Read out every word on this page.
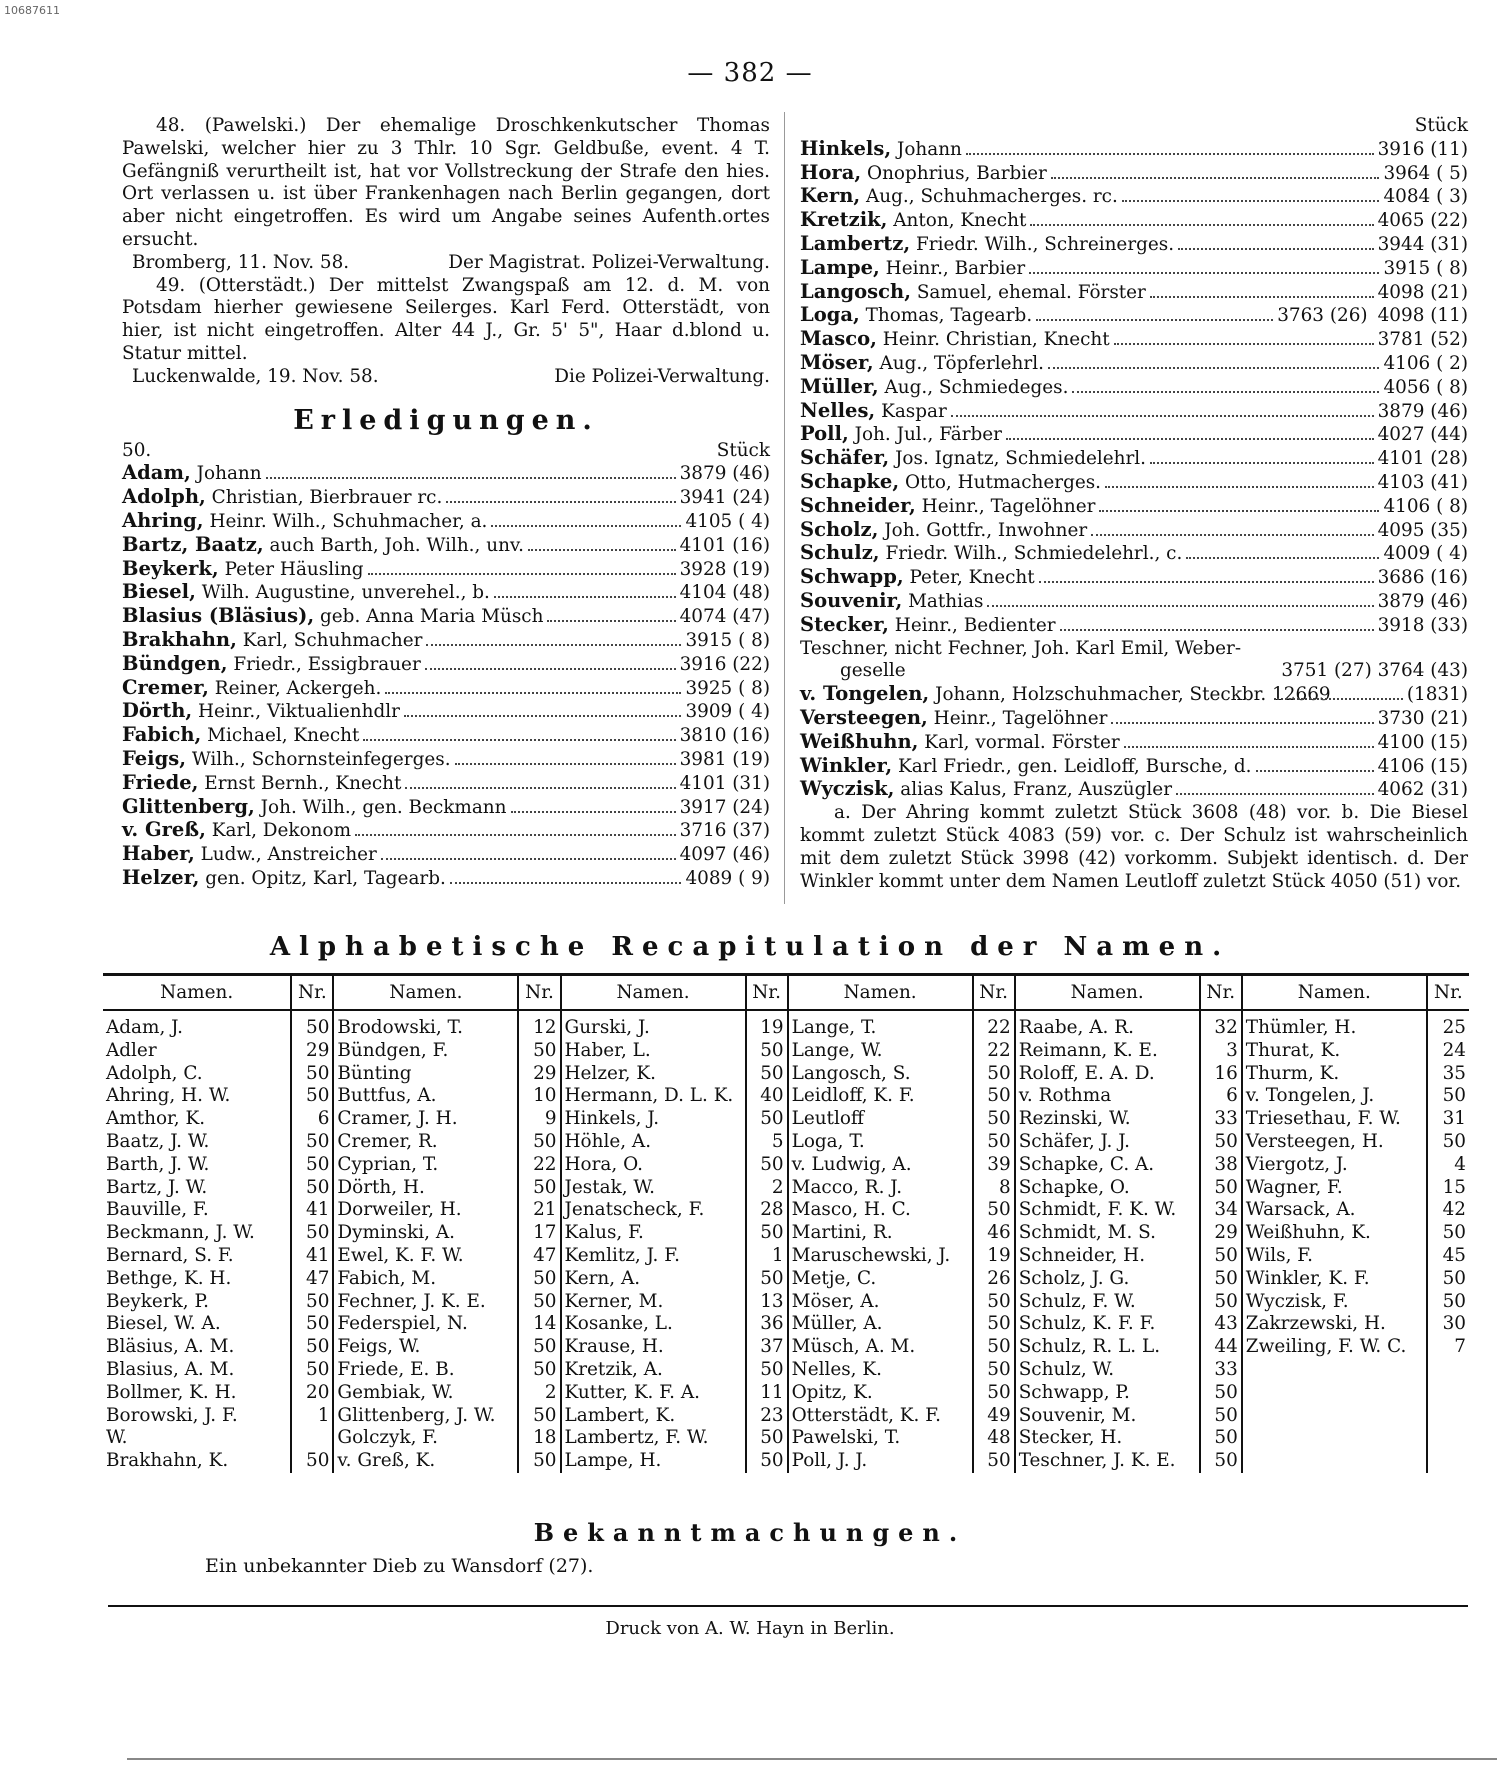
10687611
— 382 —

48. (Pawelski.) Der ehemalige Droschkenkutscher Thomas Pawelski, welcher hier zu 3 Thlr. 10 Sgr. Geldbuße, event. 4 T. Gefängniß verurtheilt ist, hat vor Vollstreckung der Strafe den hies. Ort verlassen u. ist über Frankenhagen nach Berlin gegangen, dort aber nicht eingetroffen. Es wird um Angabe seines Aufenth.ortes ersucht.

Bromberg, 11. Nov. 58.	Der Magistrat. Polizei-Verwaltung.

49. (Otterstädt.) Der mittelst Zwangspaß am 12. d. M. von Potsdam hierher gewiesene Seilerges. Karl Ferd. Otterstädt, von hier, ist nicht eingetroffen. Alter 44 J., Gr. 5' 5", Haar d.blond u. Statur mittel.

Luckenwalde, 19. Nov. 58.	Die Polizei-Verwaltung.
Erledigungen.
50.	Stück
Adam, Johann	3879 (46)
Adolph, Christian, Bierbrauer rc.	3941 (24)
Ahring, Heinr. Wilh., Schuhmacher, a.	4105 ( 4)
Bartz, Baatz, auch Barth, Joh. Wilh., unv.	4101 (16)
Beykerk, Peter Häusling	3928 (19)
Biesel, Wilh. Augustine, unverehel., b.	4104 (48)
Blasius (Bläsius), geb. Anna Maria Müsch	4074 (47)
Brakhahn, Karl, Schuhmacher	3915 ( 8)
Bündgen, Friedr., Essigbrauer	3916 (22)
Cremer, Reiner, Ackergeh.	3925 ( 8)
Dörth, Heinr., Viktualienhdlr	3909 ( 4)
Fabich, Michael, Knecht	3810 (16)
Feigs, Wilh., Schornsteinfegerges.	3981 (19)
Friede, Ernst Bernh., Knecht	4101 (31)
Glittenberg, Joh. Wilh., gen. Beckmann	3917 (24)
v. Greß, Karl, Dekonom	3716 (37)
Haber, Ludw., Anstreicher	4097 (46)
Helzer, gen. Opitz, Karl, Tagearb.	4089 ( 9)
Stück
Hinkels, Johann	3916 (11)
Hora, Onophrius, Barbier	3964 ( 5)
Kern, Aug., Schuhmacherges. rc.	4084 ( 3)
Kretzik, Anton, Knecht	4065 (22)
Lambertz, Friedr. Wilh., Schreinerges.	3944 (31)
Lampe, Heinr., Barbier	3915 ( 8)
Langosch, Samuel, ehemal. Förster	4098 (21)
Loga, Thomas, Tagearb.	3763 (26) 4098 (11)
Masco, Heinr. Christian, Knecht	3781 (52)
Möser, Aug., Töpferlehrl.	4106 ( 2)
Müller, Aug., Schmiedeges.	4056 ( 8)
Nelles, Kaspar	3879 (46)
Poll, Joh. Jul., Färber	4027 (44)
Schäfer, Jos. Ignatz, Schmiedelehrl.	4101 (28)
Schapke, Otto, Hutmacherges.	4103 (41)
Schneider, Heinr., Tagelöhner	4106 ( 8)
Scholz, Joh. Gottfr., Inwohner	4095 (35)
Schulz, Friedr. Wilh., Schmiedelehrl., c.	4009 ( 4)
Schwapp, Peter, Knecht	3686 (16)
Souvenir, Mathias	3879 (46)
Stecker, Heinr., Bedienter	3918 (33)
Teschner, nicht Fechner, Joh. Karl Emil, Weber-
geselle	3751 (27) 3764 (43)
v. Tongelen, Johann, Holzschuhmacher, Steckbr. 12669	(1831)
Versteegen, Heinr., Tagelöhner	3730 (21)
Weißhuhn, Karl, vormal. Förster	4100 (15)
Winkler, Karl Friedr., gen. Leidloff, Bursche, d.	4106 (15)
Wyczisk, alias Kalus, Franz, Auszügler	4062 (31)

a. Der Ahring kommt zuletzt Stück 3608 (48) vor. b. Die Biesel kommt zuletzt Stück 4083 (59) vor. c. Der Schulz ist wahrscheinlich mit dem zuletzt Stück 3998 (42) vorkomm. Subjekt identisch. d. Der Winkler kommt unter dem Namen Leutloff zuletzt Stück 4050 (51) vor.

Alphabetische Recapitulation der Namen.
Namen.	Nr.	Namen.	Nr.	Namen.	Nr.	Namen.	Nr.	Namen.	Nr.	Namen.	Nr.
Adam, J.	50	Brodowski, T.	12	Gurski, J.	19	Lange, T.	22	Raabe, A. R.	32	Thümler, H.	25
Adler	29	Bündgen, F.	50	Haber, L.	50	Lange, W.	22	Reimann, K. E.	3	Thurat, K.	24
Adolph, C.	50	Bünting	29	Helzer, K.	50	Langosch, S.	50	Roloff, E. A. D.	16	Thurm, K.	35
Ahring, H. W.	50	Buttfus, A.	10	Hermann, D. L. K.	40	Leidloff, K. F.	50	v. Rothma	6	v. Tongelen, J.	50
Amthor, K.	6	Cramer, J. H.	9	Hinkels, J.	50	Leutloff	50	Rezinski, W.	33	Triesethau, F. W.	31
Baatz, J. W.	50	Cremer, R.	50	Höhle, A.	5	Loga, T.	50	Schäfer, J. J.	50	Versteegen, H.	50
Barth, J. W.	50	Cyprian, T.	22	Hora, O.	50	v. Ludwig, A.	39	Schapke, C. A.	38	Viergotz, J.	4
Bartz, J. W.	50	Dörth, H.	50	Jestak, W.	2	Macco, R. J.	8	Schapke, O.	50	Wagner, F.	15
Bauville, F.	41	Dorweiler, H.	21	Jenatscheck, F.	28	Masco, H. C.	50	Schmidt, F. K. W.	34	Warsack, A.	42
Beckmann, J. W.	50	Dyminski, A.	17	Kalus, F.	50	Martini, R.	46	Schmidt, M. S.	29	Weißhuhn, K.	50
Bernard, S. F.	41	Ewel, K. F. W.	47	Kemlitz, J. F.	1	Maruschewski, J.	19	Schneider, H.	50	Wils, F.	45
Bethge, K. H.	47	Fabich, M.	50	Kern, A.	50	Metje, C.	26	Scholz, J. G.	50	Winkler, K. F.	50
Beykerk, P.	50	Fechner, J. K. E.	50	Kerner, M.	13	Möser, A.	50	Schulz, F. W.	50	Wyczisk, F.	50
Biesel, W. A.	50	Federspiel, N.	14	Kosanke, L.	36	Müller, A.	50	Schulz, K. F. F.	43	Zakrzewski, H.	30
Bläsius, A. M.	50	Feigs, W.	50	Krause, H.	37	Müsch, A. M.	50	Schulz, R. L. L.	44	Zweiling, F. W. C.	7
Blasius, A. M.	50	Friede, E. B.	50	Kretzik, A.	50	Nelles, K.	50	Schulz, W.	33		
Bollmer, K. H.	20	Gembiak, W.	2	Kutter, K. F. A.	11	Opitz, K.	50	Schwapp, P.	50		
Borowski, J. F.	1	Glittenberg, J. W.	50	Lambert, K.	23	Otterstädt, K. F.	49	Souvenir, M.	50		
W.		Golczyk, F.	18	Lambertz, F. W.	50	Pawelski, T.	48	Stecker, H.	50		
Brakhahn, K.	50	v. Greß, K.	50	Lampe, H.	50	Poll, J. J.	50	Teschner, J. K. E.	50		
Bekanntmachungen.
Ein unbekannter Dieb zu Wansdorf (27).
Druck von A. W. Hayn in Berlin.
